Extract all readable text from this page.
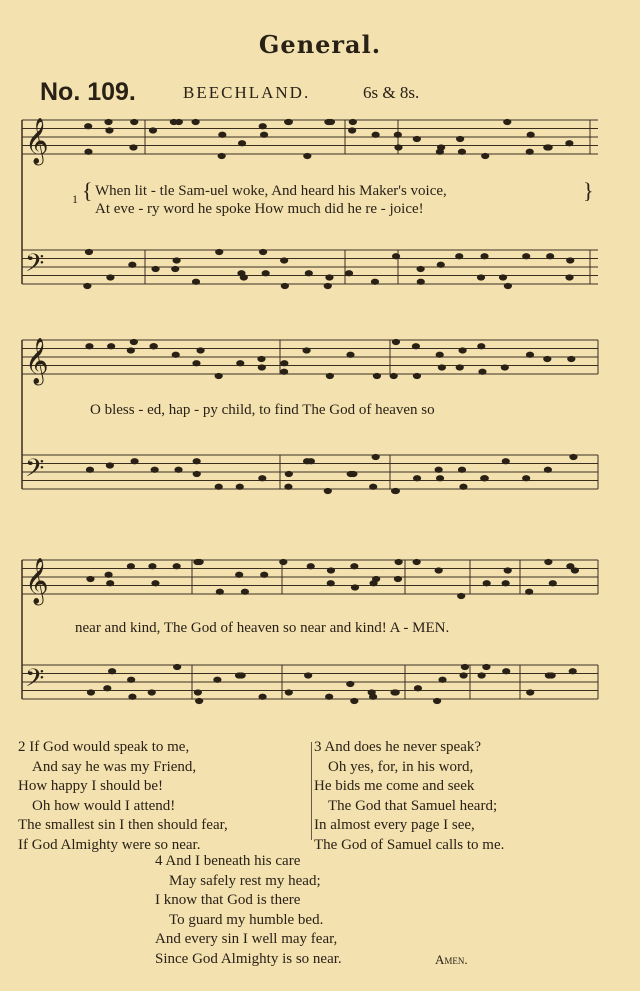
General.
No. 109.	BEECHLAND.	6s & 8s.
𝄞
𝄢
𝄞
𝄢
𝄞
𝄢
1 { When lit - tle Sam-uel woke, And heard his Maker's voice,
At eve - ry word he spoke How much did he re - joice!
}
O bless - ed, hap - py child, to find The God of heaven so
near and kind, The God of heaven so near and kind! A - MEN.
2 If God would speak to me,
And say he was my Friend,
How happy I should be!
Oh how would I attend!
The smallest sin I then should fear,
If God Almighty were so near.
3 And does he never speak?
Oh yes, for, in his word,
He bids me come and seek
The God that Samuel heard;
In almost every page I see,
The God of Samuel calls to me.
4 And I beneath his care
May safely rest my head;
I know that God is there
To guard my humble bed.
And every sin I well may fear,
Since God Almighty is so near.	Amen.
